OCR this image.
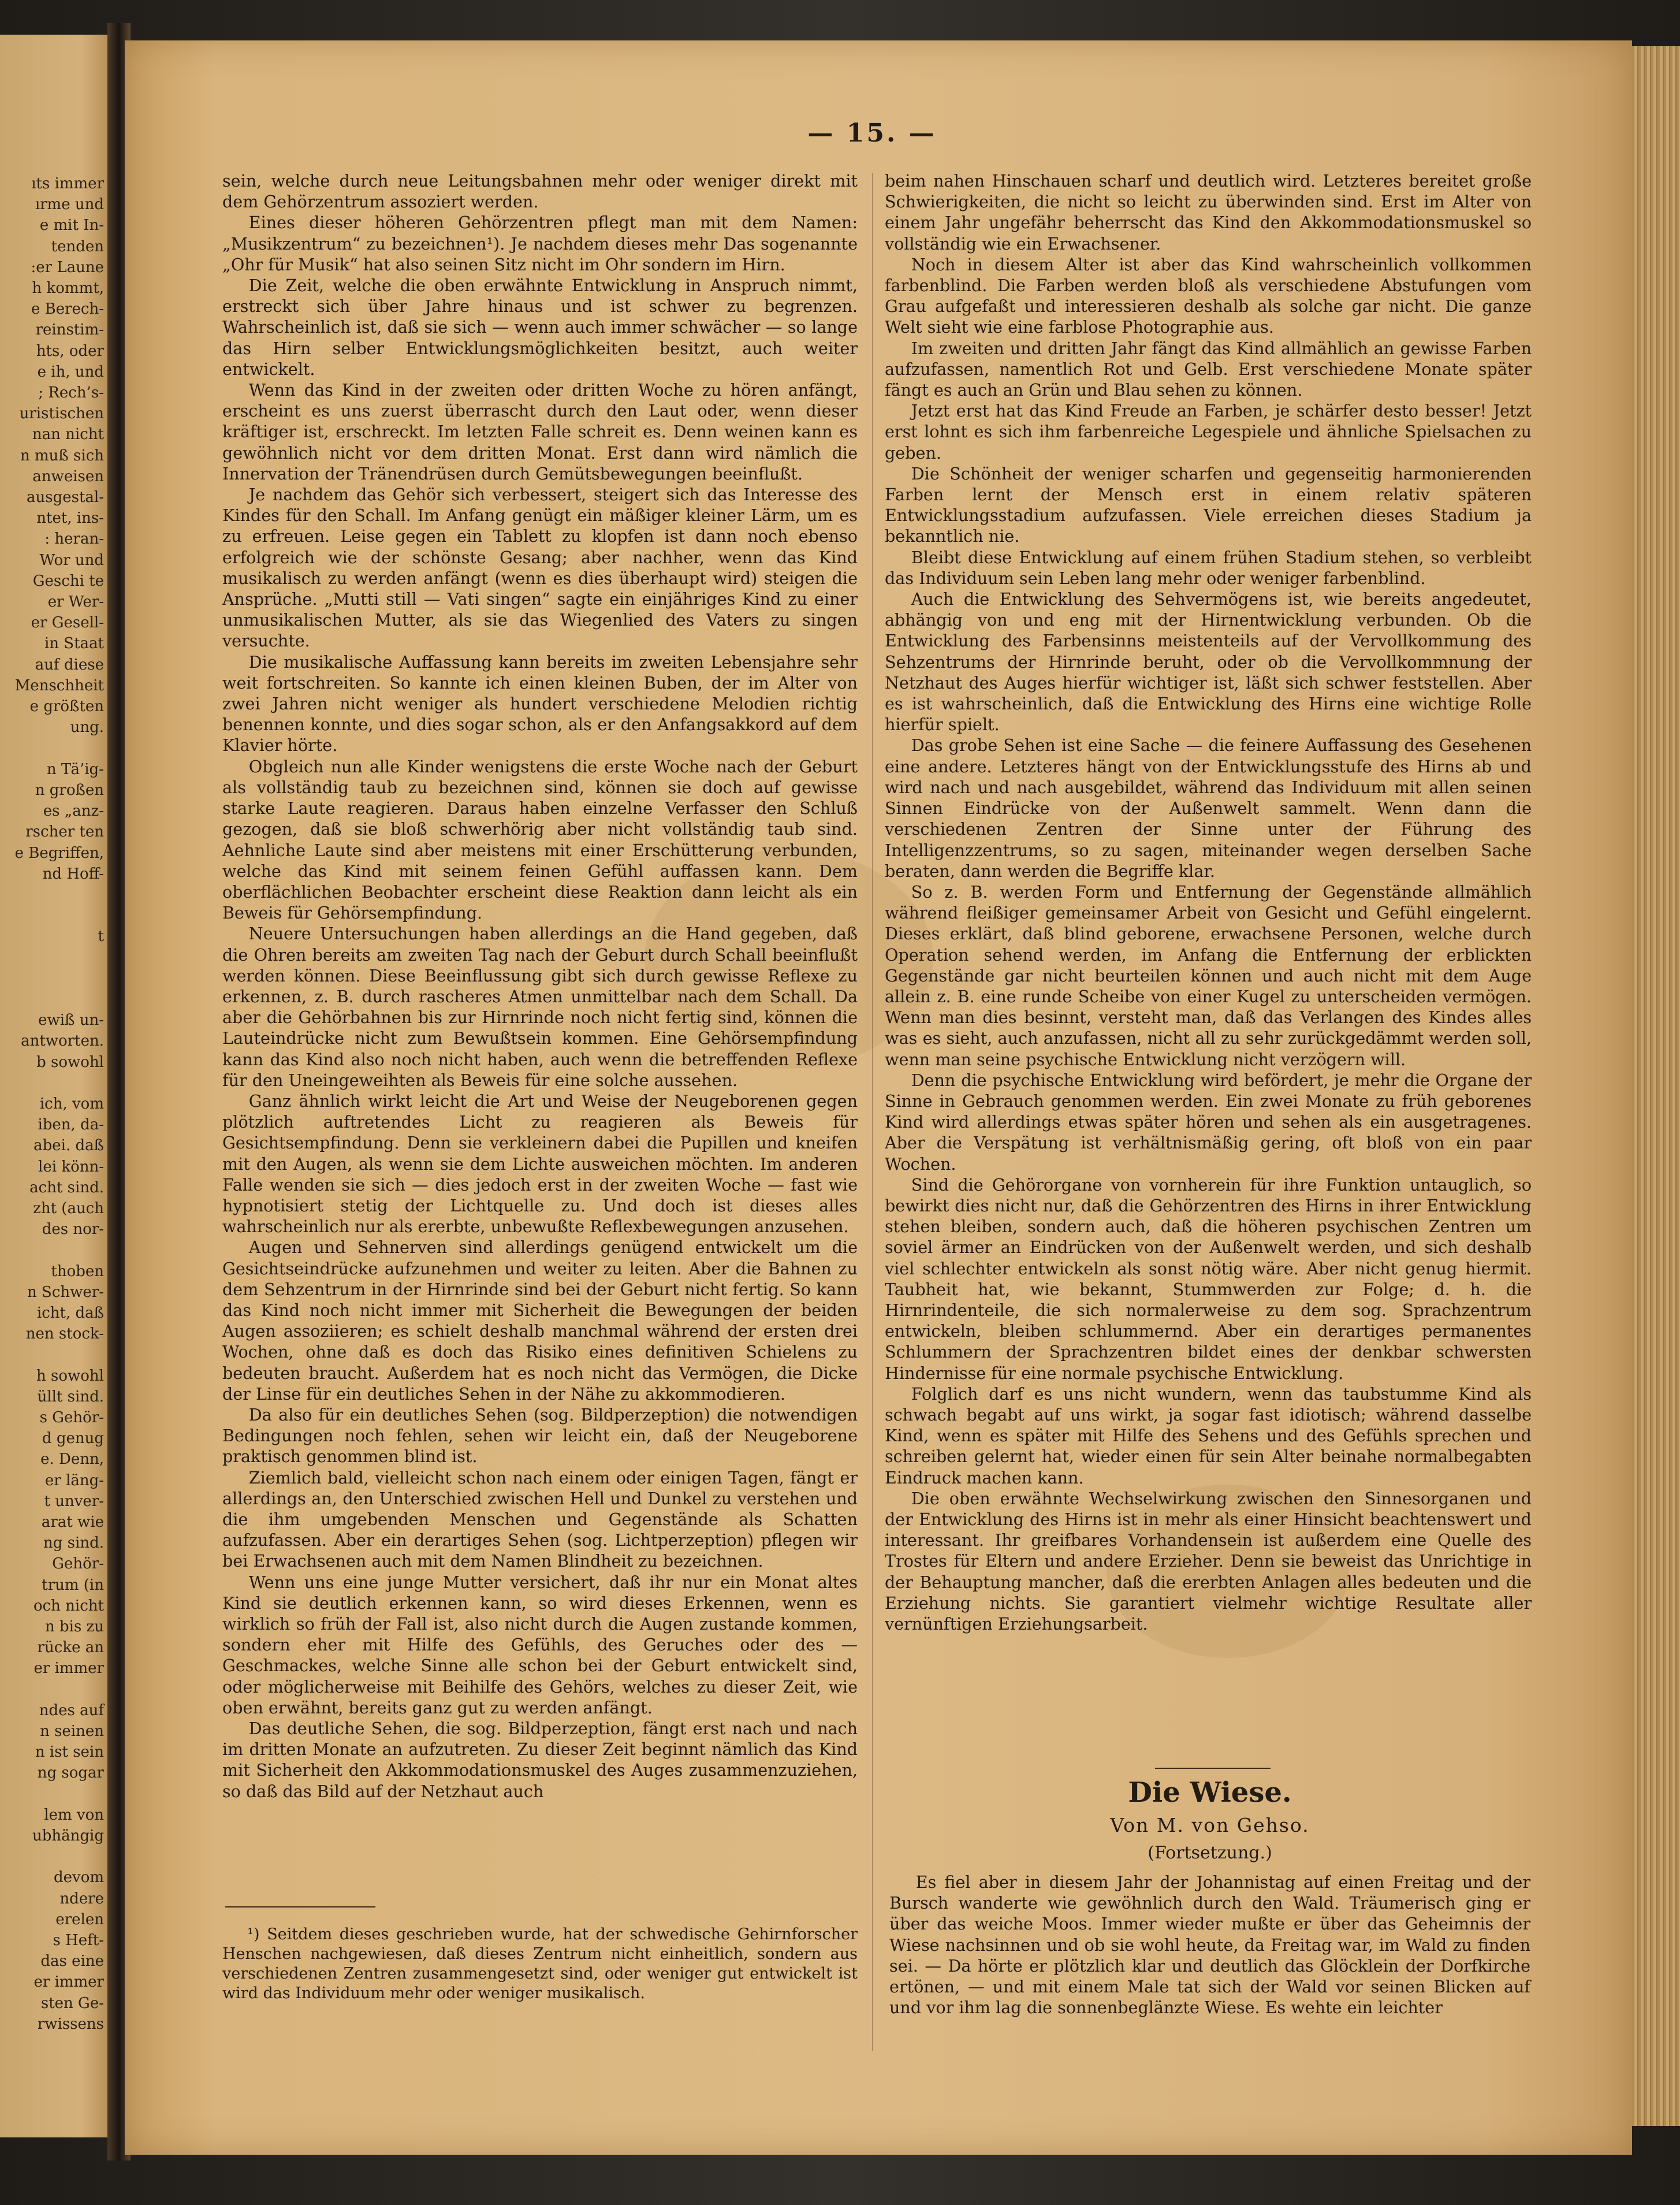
ıts immer
ırme und
e mit In-
tenden
:er Laune
h kommt,
e Berech-
reinstim-
hts, oder
e ih, und
; Rech’s-
uristischen
nan nicht
n muß sich
anweisen
ausgestal-
ntet, ins-
: heran-
Wor und
Geschi te
er Wer-
er Gesell-
in Staat
auf diese
Menschheit
e größten
ung.

n Tä’ig-
n großen
es „anz-
rscher ten
e Begriffen,
nd Hoff-

t

ewiß un-
antworten.
b sowohl

ich, vom
iben, da-
abei. daß
lei könn-
acht sind.
zht (auch
des nor-

thoben
n Schwer-
icht, daß
nen stock-

h sowohl
üllt sind.
s Gehör-
d genug
e. Denn,
er läng-
t unver-
arat wie
ng sind.
Gehör-
trum (in
och nicht
n bis zu
rücke an
er immer

ndes auf
n seinen
n ist sein
ng sogar

lem von
ubhängig

devom
ndere
erelen
s Heft-
das eine
er immer
sten Ge-
rwissens
— 15. —

sein, welche durch neue Leitungsbahnen mehr oder weniger direkt mit dem Gehörzentrum assoziert werden.

Eines dieser höheren Gehörzentren pflegt man mit dem Namen: „Musikzentrum“ zu bezeichnen¹). Je nachdem dieses mehr Das sogenannte „Ohr für Musik“ hat also seinen Sitz nicht im Ohr sondern im Hirn.

Die Zeit, welche die oben erwähnte Entwicklung in Anspruch nimmt, erstreckt sich über Jahre hinaus und ist schwer zu begrenzen. Wahrscheinlich ist, daß sie sich — wenn auch immer schwächer — so lange das Hirn selber Entwicklungsmöglichkeiten besitzt, auch weiter entwickelt.

Wenn das Kind in der zweiten oder dritten Woche zu hören anfängt, erscheint es uns zuerst überrascht durch den Laut oder, wenn dieser kräftiger ist, erschreckt. Im letzten Falle schreit es. Denn weinen kann es gewöhnlich nicht vor dem dritten Monat. Erst dann wird nämlich die Innervation der Tränendrüsen durch Gemütsbewegungen beeinflußt.

Je nachdem das Gehör sich verbessert, steigert sich das Interesse des Kindes für den Schall. Im Anfang genügt ein mäßiger kleiner Lärm, um es zu erfreuen. Leise gegen ein Tablett zu klopfen ist dann noch ebenso erfolgreich wie der schönste Gesang; aber nachher, wenn das Kind musikalisch zu werden anfängt (wenn es dies überhaupt wird) steigen die Ansprüche. „Mutti still — Vati singen“ sagte ein einjähriges Kind zu einer unmusikalischen Mutter, als sie das Wiegenlied des Vaters zu singen versuchte.

Die musikalische Auffassung kann bereits im zweiten Lebensjahre sehr weit fortschreiten. So kannte ich einen kleinen Buben, der im Alter von zwei Jahren nicht weniger als hundert verschiedene Melodien richtig benennen konnte, und dies sogar schon, als er den Anfangsakkord auf dem Klavier hörte.

Obgleich nun alle Kinder wenigstens die erste Woche nach der Geburt als vollständig taub zu bezeichnen sind, können sie doch auf gewisse starke Laute reagieren. Daraus haben einzelne Verfasser den Schluß gezogen, daß sie bloß schwerhörig aber nicht vollständig taub sind. Aehnliche Laute sind aber meistens mit einer Erschütterung verbunden, welche das Kind mit seinem feinen Gefühl auffassen kann. Dem oberflächlichen Beobachter erscheint diese Reaktion dann leicht als ein Beweis für Gehörsempfindung.

Neuere Untersuchungen haben allerdings an die Hand gegeben, daß die Ohren bereits am zweiten Tag nach der Geburt durch Schall beeinflußt werden können. Diese Beeinflussung gibt sich durch gewisse Reflexe zu erkennen, z. B. durch rascheres Atmen unmittelbar nach dem Schall. Da aber die Gehörbahnen bis zur Hirnrinde noch nicht fertig sind, können die Lauteindrücke nicht zum Bewußtsein kommen. Eine Gehörsempfindung kann das Kind also noch nicht haben, auch wenn die betreffenden Reflexe für den Uneingeweihten als Beweis für eine solche aussehen.

Ganz ähnlich wirkt leicht die Art und Weise der Neugeborenen gegen plötzlich auftretendes Licht zu reagieren als Beweis für Gesichtsempfindung. Denn sie verkleinern dabei die Pupillen und kneifen mit den Augen, als wenn sie dem Lichte ausweichen möchten. Im anderen Falle wenden sie sich — dies jedoch erst in der zweiten Woche — fast wie hypnotisiert stetig der Lichtquelle zu. Und doch ist dieses alles wahrscheinlich nur als ererbte, unbewußte Reflexbewegungen anzusehen.

Augen und Sehnerven sind allerdings genügend entwickelt um die Gesichtseindrücke aufzunehmen und weiter zu leiten. Aber die Bahnen zu dem Sehzentrum in der Hirnrinde sind bei der Geburt nicht fertig. So kann das Kind noch nicht immer mit Sicherheit die Bewegungen der beiden Augen assoziieren; es schielt deshalb manchmal während der ersten drei Wochen, ohne daß es doch das Risiko eines definitiven Schielens zu bedeuten braucht. Außerdem hat es noch nicht das Vermögen, die Dicke der Linse für ein deutliches Sehen in der Nähe zu akkommodieren.

Da also für ein deutliches Sehen (sog. Bildperzeption) die notwendigen Bedingungen noch fehlen, sehen wir leicht ein, daß der Neugeborene praktisch genommen blind ist.

Ziemlich bald, vielleicht schon nach einem oder einigen Tagen, fängt er allerdings an, den Unterschied zwischen Hell und Dunkel zu verstehen und die ihm umgebenden Menschen und Gegenstände als Schatten aufzufassen. Aber ein derartiges Sehen (sog. Lichtperzeption) pflegen wir bei Erwachsenen auch mit dem Namen Blindheit zu bezeichnen.

Wenn uns eine junge Mutter versichert, daß ihr nur ein Monat altes Kind sie deutlich erkennen kann, so wird dieses Erkennen, wenn es wirklich so früh der Fall ist, also nicht durch die Augen zustande kommen, sondern eher mit Hilfe des Gefühls, des Geruches oder des — Geschmackes, welche Sinne alle schon bei der Geburt entwickelt sind, oder möglicherweise mit Beihilfe des Gehörs, welches zu dieser Zeit, wie oben erwähnt, bereits ganz gut zu werden anfängt.

Das deutliche Sehen, die sog. Bildperzeption, fängt erst nach und nach im dritten Monate an aufzutreten. Zu dieser Zeit beginnt nämlich das Kind mit Sicherheit den Akkommodationsmuskel des Auges zusammenzuziehen, so daß das Bild auf der Netzhaut auch

beim nahen Hinschauen scharf und deutlich wird. Letzteres bereitet große Schwierigkeiten, die nicht so leicht zu überwinden sind. Erst im Alter von einem Jahr ungefähr beherrscht das Kind den Akkommodationsmuskel so vollständig wie ein Erwachsener.

Noch in diesem Alter ist aber das Kind wahrscheinlich vollkommen farbenblind. Die Farben werden bloß als verschiedene Abstufungen vom Grau aufgefaßt und interessieren deshalb als solche gar nicht. Die ganze Welt sieht wie eine farblose Photographie aus.

Im zweiten und dritten Jahr fängt das Kind allmählich an gewisse Farben aufzufassen, namentlich Rot und Gelb. Erst verschiedene Monate später fängt es auch an Grün und Blau sehen zu können.

Jetzt erst hat das Kind Freude an Farben, je schärfer desto besser! Jetzt erst lohnt es sich ihm farbenreiche Legespiele und ähnliche Spielsachen zu geben.

Die Schönheit der weniger scharfen und gegenseitig harmonierenden Farben lernt der Mensch erst in einem relativ späteren Entwicklungsstadium aufzufassen. Viele erreichen dieses Stadium ja bekanntlich nie.

Bleibt diese Entwicklung auf einem frühen Stadium stehen, so verbleibt das Individuum sein Leben lang mehr oder weniger farbenblind.

Auch die Entwicklung des Sehvermögens ist, wie bereits angedeutet, abhängig von und eng mit der Hirnentwicklung verbunden. Ob die Entwicklung des Farbensinns meistenteils auf der Vervollkommung des Sehzentrums der Hirnrinde beruht, oder ob die Vervollkommnung der Netzhaut des Auges hierfür wichtiger ist, läßt sich schwer feststellen. Aber es ist wahrscheinlich, daß die Entwicklung des Hirns eine wichtige Rolle hierfür spielt.

Das grobe Sehen ist eine Sache — die feinere Auffassung des Gesehenen eine andere. Letzteres hängt von der Entwicklungsstufe des Hirns ab und wird nach und nach ausgebildet, während das Individuum mit allen seinen Sinnen Eindrücke von der Außenwelt sammelt. Wenn dann die verschiedenen Zentren der Sinne unter der Führung des Intelligenzzentrums, so zu sagen, miteinander wegen derselben Sache beraten, dann werden die Begriffe klar.

So z. B. werden Form und Entfernung der Gegenstände allmählich während fleißiger gemeinsamer Arbeit von Gesicht und Gefühl eingelernt. Dieses erklärt, daß blind geborene, erwachsene Personen, welche durch Operation sehend werden, im Anfang die Entfernung der erblickten Gegenstände gar nicht beurteilen können und auch nicht mit dem Auge allein z. B. eine runde Scheibe von einer Kugel zu unterscheiden vermögen. Wenn man dies besinnt, versteht man, daß das Verlangen des Kindes alles was es sieht, auch anzufassen, nicht all zu sehr zurückgedämmt werden soll, wenn man seine psychische Entwicklung nicht verzögern will.

Denn die psychische Entwicklung wird befördert, je mehr die Organe der Sinne in Gebrauch genommen werden. Ein zwei Monate zu früh geborenes Kind wird allerdings etwas später hören und sehen als ein ausgetragenes. Aber die Verspätung ist verhältnismäßig gering, oft bloß von ein paar Wochen.

Sind die Gehörorgane von vornherein für ihre Funktion untauglich, so bewirkt dies nicht nur, daß die Gehörzentren des Hirns in ihrer Entwicklung stehen bleiben, sondern auch, daß die höheren psychischen Zentren um soviel ärmer an Eindrücken von der Außenwelt werden, und sich deshalb viel schlechter entwickeln als sonst nötig wäre. Aber nicht genug hiermit. Taubheit hat, wie bekannt, Stummwerden zur Folge; d. h. die Hirnrindenteile, die sich normalerweise zu dem sog. Sprachzentrum entwickeln, bleiben schlummernd. Aber ein derartiges permanentes Schlummern der Sprachzentren bildet eines der denkbar schwersten Hindernisse für eine normale psychische Entwicklung.

Folglich darf es uns nicht wundern, wenn das taubstumme Kind als schwach begabt auf uns wirkt, ja sogar fast idiotisch; während dasselbe Kind, wenn es später mit Hilfe des Sehens und des Gefühls sprechen und schreiben gelernt hat, wieder einen für sein Alter beinahe normalbegabten Eindruck machen kann.

Die oben erwähnte Wechselwirkung zwischen den Sinnesorganen und der Entwicklung des Hirns ist in mehr als einer Hinsicht beachtenswert und interessant. Ihr greifbares Vorhandensein ist außerdem eine Quelle des Trostes für Eltern und andere Erzieher. Denn sie beweist das Unrichtige in der Behauptung mancher, daß die ererbten Anlagen alles bedeuten und die Erziehung nichts. Sie garantiert vielmehr wichtige Resultate aller vernünftigen Erziehungsarbeit.

¹) Seitdem dieses geschrieben wurde, hat der schwedische Gehirnforscher Henschen nachgewiesen, daß dieses Zentrum nicht einheitlich, sondern aus verschiedenen Zentren zusammengesetzt sind, oder weniger gut entwickelt ist wird das Individuum mehr oder weniger musikalisch.

Die Wiese.
Von M. von Gehso.
(Fortsetzung.)

Es fiel aber in diesem Jahr der Johannistag auf einen Freitag und der Bursch wanderte wie gewöhnlich durch den Wald. Träumerisch ging er über das weiche Moos. Immer wieder mußte er über das Geheimnis der Wiese nachsinnen und ob sie wohl heute, da Freitag war, im Wald zu finden sei. — Da hörte er plötzlich klar und deutlich das Glöcklein der Dorfkirche ertönen, — und mit einem Male tat sich der Wald vor seinen Blicken auf und vor ihm lag die sonnenbeglänzte Wiese. Es wehte ein leichter
